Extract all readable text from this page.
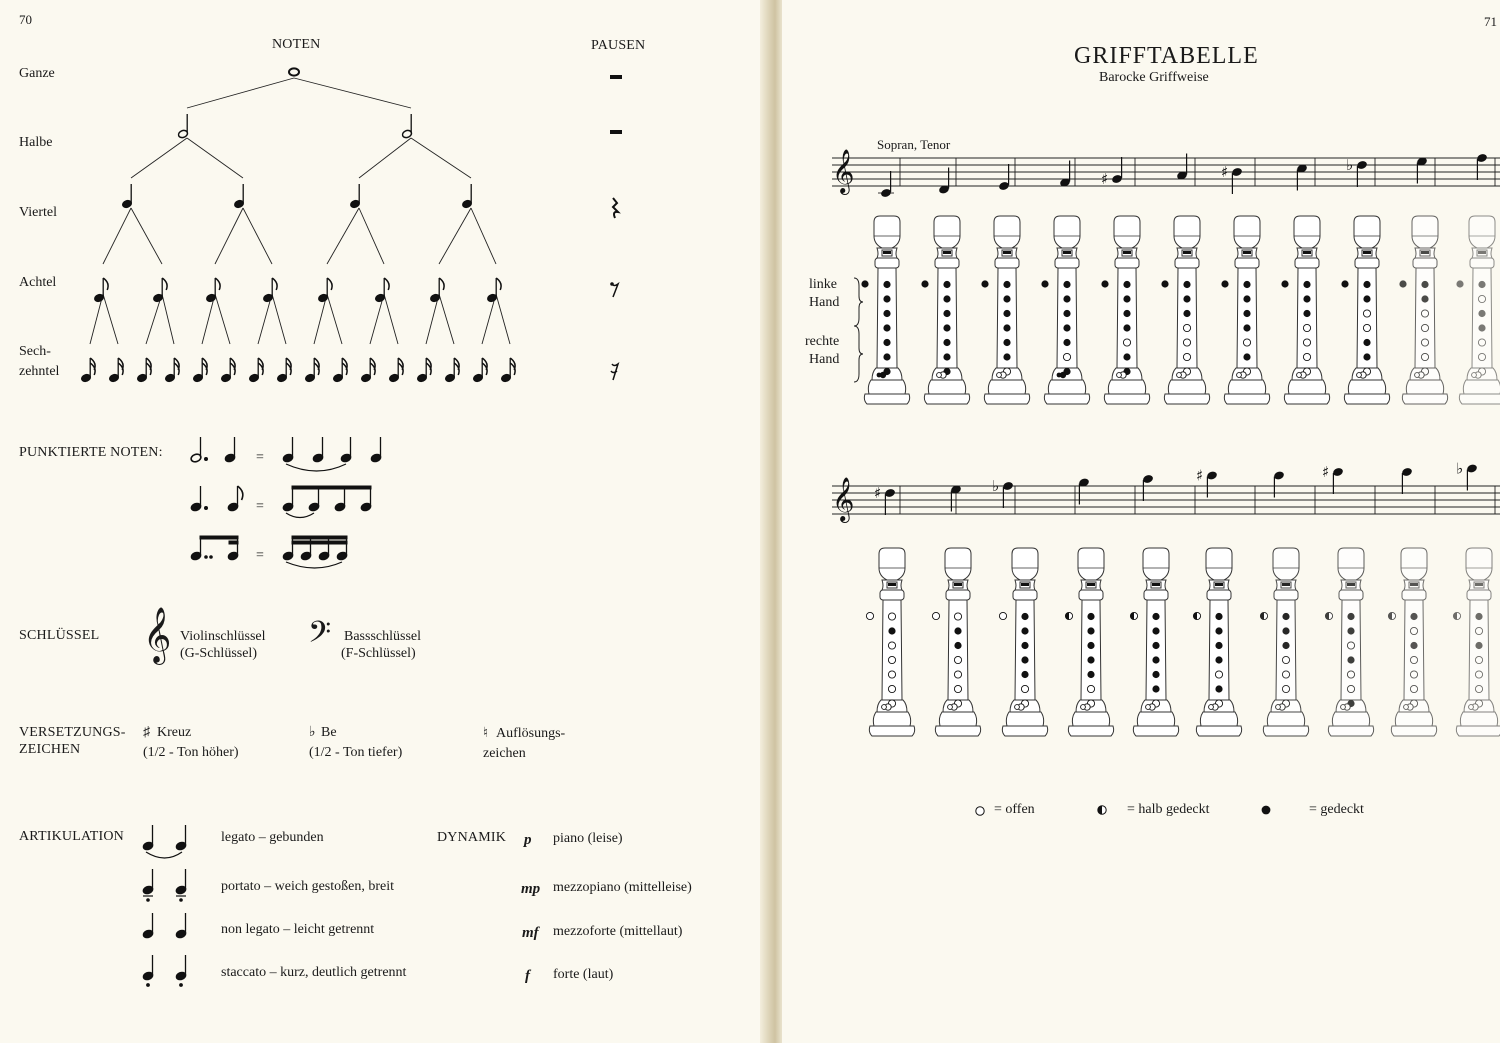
70
NOTEN	PAUSEN
Ganze
Halbe
Viertel
Achtel
Sech-
zehntel
PUNKTIERTE NOTEN:	=
=
=
SCHLÜSSEL 𝄞 Violinschlüssel
(G-Schlüssel) 𝄢 Bassschlüssel
(F-Schlüssel)
VERSETZUNGS-
ZEICHEN
♯ Kreuz
(1/2 - Ton höher)
♭ Be
(1/2 - Ton tiefer)
♮ Auflösungs-
zeichen
ARTIKULATION	legato – gebunden
portato – weich gestoßen, breit
non legato – leicht getrennt
staccato – kurz, deutlich getrennt
DYNAMIK p piano (leise)
mp mezzopiano (mittelleise)
mf mezzoforte (mittellaut)
f forte (laut)
71
GRIFFTABELLE
Barocke Griffweise
Sopran, Tenor
linke
Hand
rechte
Hand
𝄞
𝄞
♯	♯	♭
♯	♭
♯	♯	♭
= offen	= halb gedeckt	= gedeckt
